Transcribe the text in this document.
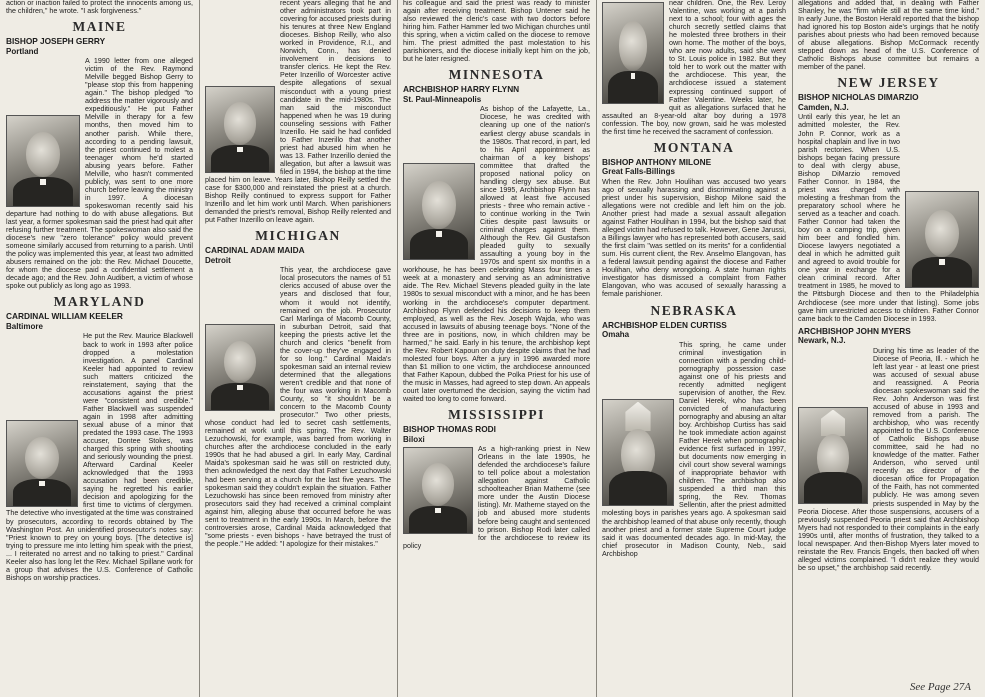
action or inaction failed to protect the innocents among us, the children," he wrote. "I ask forgiveness."

MAINE
BISHOP JOSEPH GERRY
Portland

A 1990 letter from one alleged victim of the Rev. Raymond Melville begged Bishop Gerry to "please stop this from happening again." The bishop pledged "to address the matter vigorously and expeditiously." He put Father Melville in therapy for a few months, then moved him to another parish. While there, according to a pending lawsuit, the priest continued to molest a teenager whom he'd started abusing years before. Father Melville, who hasn't commented publicly, was sent to one more church before leaving the ministry in 1997. A diocesan spokeswoman recently said his departure had nothing to do with abuse allegations. But last year, a former spokesman said the priest had quit after refusing further treatment. The spokeswoman also said the diocese's new "zero tolerance" policy would prevent someone similarly accused from returning to a parish. Until the policy was implemented this year, at least two admitted abusers remained on the job: the Rev. Michael Doucette, for whom the diocese paid a confidential settlement a decade ago; and the Rev. John Audibert, a victim of whose spoke out publicly as long ago as 1993.

MARYLAND
CARDINAL WILLIAM KEELER
Baltimore

He put the Rev. Maurice Blackwell back to work in 1993 after police dropped a molestation investigation. A panel Cardinal Keeler had appointed to review such matters criticized the reinstatement, saying that the accusations against the priest were "consistent and credible." Father Blackwell was suspended again in 1998 after admitting sexual abuse of a minor that predated the 1993 case. The 1993 accuser, Dontee Stokes, was charged this spring with shooting and seriously wounding the priest. Afterward Cardinal Keeler acknowledged that the 1993 accusation had been credible, saying he regretted his earlier decision and apologizing for the first time to victims of clergymen. The detective who investigated at the time was constrained by prosecutors, according to records obtained by The Washington Post. An unidentified prosecutor's notes say: "Priest known to prey on young boys. [The detective is] trying to pressure me into letting him speak with the priest, ... I reiterated no arrest and no talking to priest." Cardinal Keeler also has long let the Rev. Michael Spillane work for a group that advises the U.S. Conference of Catholic Bishops on worship practices.

recent years alleging that he and other administrators took part in covering for accused priests during his tenures at three New England dioceses. Bishop Reilly, who also worked in Providence, R.I., and Norwich, Conn., has denied involvement in decisions to transfer clerics. He kept the Rev. Peter Inzerillo of Worcester active despite allegations of sexual misconduct with a young priest candidate in the mid-1980s. The man said the misconduct happened when he was 19 during counseling sessions with Father Inzerillo. He said he had confided to Father Inzerillo that another priest had abused him when he was 13. Father Inzerillo denied the allegation, but after a lawsuit was filed in 1994, the bishop at the time placed him on leave. Years later, Bishop Reilly settled the case for $300,000 and reinstated the priest at a church. Bishop Reilly continued to express support for Father Inzerillo and let him work until March. When parishioners demanded the priest's removal, Bishop Reilly relented and put Father Inzerillo on leave again.

MICHIGAN
CARDINAL ADAM MAIDA
Detroit

This year, the archdiocese gave local prosecutors the names of 51 clerics accused of abuse over the years and disclosed that four, whom it would not identify, remained on the job. Prosecutor Carl Marlinga of Macomb County, in suburban Detroit, said that keeping the priests active let the church and clerics "benefit from the cover-up they've engaged in for so long." Cardinal Maida's spokesman said an internal review determined that the allegations weren't credible and that none of the four was working in Macomb County, so "it shouldn't be a concern to the Macomb County prosecutor." Two other priests, whose conduct had led to secret cash settlements, remained at work until this spring. The Rev. Walter Lezuchowski, for example, was barred from working in churches after the archdiocese concluded in the early 1990s that he had abused a girl. In early May, Cardinal Maida's spokesman said he was still on restricted duty, then acknowledged the next day that Father Lezuchowski had been serving at a church for the last five years. The spokesman said they couldn't explain the situation. Father Lezuchowski has since been removed from ministry after prosecutors said they had received a criminal complaint against him, alleging abuse that occurred before he was sent to treatment in the early 1990s. In March, before the controversies arose, Cardinal Maida acknowledged that "some priests - even bishops - have betrayed the trust of the people." He added: "I apologize for their mistakes."

his colleague and said the priest was ready to minister again after receiving treatment. Bishop Untener said he also reviewed the cleric's case with two doctors before hiring him. Father Hammer led two Michigan churches until this spring, when a victim called on the diocese to remove him. The priest admitted the past molestation to his parishioners, and the diocese initially kept him on the job, but he later resigned.

MINNESOTA
ARCHBISHOP HARRY FLYNN
St. Paul-Minneapolis

As bishop of the Lafayette, La., Diocese, he was credited with cleaning up one of the nation's earliest clergy abuse scandals in the 1980s. That record, in part, led to his April appointment as chairman of a key bishops' committee that drafted the proposed national policy on handling clergy sex abuse. But since 1995, Archbishop Flynn has allowed at least five accused priests - three who remain active - to continue working in the Twin Cities despite past lawsuits or criminal charges against them. Although the Rev. Gil Gustafson pleaded guilty to sexually assaulting a young boy in the 1970s and spent six months in a workhouse, he has been celebrating Mass four times a week at a monastery and serving as an administrative aide. The Rev. Michael Stevens pleaded guilty in the late 1980s to sexual misconduct with a minor, and he has been working in the archdiocese's computer department. Archbishop Flynn defended his decisions to keep them employed, as well as the Rev. Joseph Wajda, who was accused in lawsuits of abusing teenage boys. "None of the three are in positions, now, in which children may be harmed," he said. Early in his tenure, the archbishop kept the Rev. Robert Kapoun on duty despite claims that he had molested four boys. After a jury in 1996 awarded more than $1 million to one victim, the archdiocese announced that Father Kapoun, dubbed the Polka Priest for his use of the music in Masses, had agreed to step down. An appeals court later overturned the decision, saying the victim had waited too long to come forward.

MISSISSIPPI
BISHOP THOMAS RODI
Biloxi

As a high-ranking priest in New Orleans in the late 1990s, he defended the archdiocese's failure to tell police about a molestation allegation against Catholic schoolteacher Brian Matherne (see more under the Austin Diocese listing). Mr. Matherne stayed on the job and abused more students before being caught and sentenced to prison. Bishop Rodi later called for the archdiocese to review its policy

near children. One, the Rev. Leroy Valentine, was working at a parish next to a school; four with ages the church secretly settled claims that he molested three brothers in their own home. The mother of the boys, who are now adults, said she went to St. Louis police in 1982. But they told her to work out the matter with the archdiocese. This year, the archdiocese issued a statement expressing continued support of Father Valentine. Weeks later, he quit as allegations surfaced that he assaulted an 8-year-old altar boy during a 1978 confession. The boy, now grown, said he was molested the first time he received the sacrament of confession.

MONTANA
BISHOP ANTHONY MILONE
Great Falls-Billings

When the Rev. John Houlihan was accused two years ago of sexually harassing and discriminating against a priest under his supervision, Bishop Milone said the allegations were not credible and left him on the job. Another priest had made a sexual assault allegation against Father Houlihan in 1994, but the bishop said that alleged victim had refused to talk. However, Gene Jarussi, a Billings lawyer who has represented both accusers, said the first claim "was settled on its merits" for a confidential sum. His current client, the Rev. Anselmo Elangovan, has a federal lawsuit pending against the diocese and Father Houlihan, who deny wrongdoing. A state human rights investigator has dismissed a complaint from Father Elangovan, who was accused of sexually harassing a female parishioner.

NEBRASKA
ARCHBISHOP ELDEN CURTISS
Omaha

This spring, he came under criminal investigation in connection with a pending child-pornography possession case against one of his priests and recently admitted negligent supervision of another, the Rev. Daniel Herek, who has been convicted of manufacturing pornography and abusing an altar boy. Archbishop Curtiss has said he took immediate action against Father Herek when pornographic evidence first surfaced in 1997, but documents now emerging in civil court show several warnings of inappropriate behavior with children. The archbishop also suspended a third man this spring, the Rev. Thomas Sellentin, after the priest admitted molesting boys in parishes years ago. A spokesman said the archbishop learned of that abuse only recently, though another priest and a former state Supreme Court judge said it was documented decades ago. In mid-May, the chief prosecutor in Madison County, Neb., said Archbishop

allegations and added that, in dealing with Father Shanley, he was "firm while still at the same time kind." In early June, the Boston Herald reported that the bishop had ignored his top Boston aide's urgings that he notify parishes about priests who had been removed because of abuse allegations. Bishop McCormack recently stepped down as head of the U.S. Conference of Catholic Bishops abuse committee but remains a member of the panel.

NEW JERSEY
BISHOP NICHOLAS DIMARZIO
Camden, N.J.

Until early this year, he let an admitted molester, the Rev. John P. Connor, work as a hospital chaplain and live in two parish rectories. When U.S. bishops began facing pressure to deal with clergy abuse, Bishop DiMarzio removed Father Connor. In 1984, the priest was charged with molesting a freshman from the preparatory school where he served as a teacher and coach. Father Connor had taken the boy on a camping trip, given him beer and fondled him. Diocese lawyers negotiated a deal in which he admitted guilt and agreed to avoid trouble for one year in exchange for a clean criminal record. After treatment in 1985, he moved to the Pittsburgh Diocese and then to the Philadelphia Archdiocese (see more under that listing). Some jobs gave him unrestricted access to children. Father Connor came back to the Camden Diocese in 1993.

ARCHBISHOP JOHN MYERS
Newark, N.J.

During his time as leader of the Diocese of Peoria, Ill. - which he left last year - at least one priest was accused of sexual abuse and reassigned. A Peoria diocesan spokeswoman said the Rev. John Anderson was first accused of abuse in 1993 and removed from a parish. The archbishop, who was recently appointed to the U.S. Conference of Catholic Bishops abuse committee, said he had no knowledge of the matter. Father Anderson, who served until recently as director of the diocesan office for Propagation of the Faith, has not commented publicly. He was among seven priests suspended in May by the Peoria Diocese. After those suspensions, accusers of a previously suspended Peoria priest said that Archbishop Myers had not responded to their complaints in the early 1990s until, after months of frustration, they talked to a local newspaper. And then-Bishop Myers later moved to reinstate the Rev. Francis Engels, then backed off when alleged victims complained. "I didn't realize they would be so upset," the archbishop said recently.

See Page 27A
